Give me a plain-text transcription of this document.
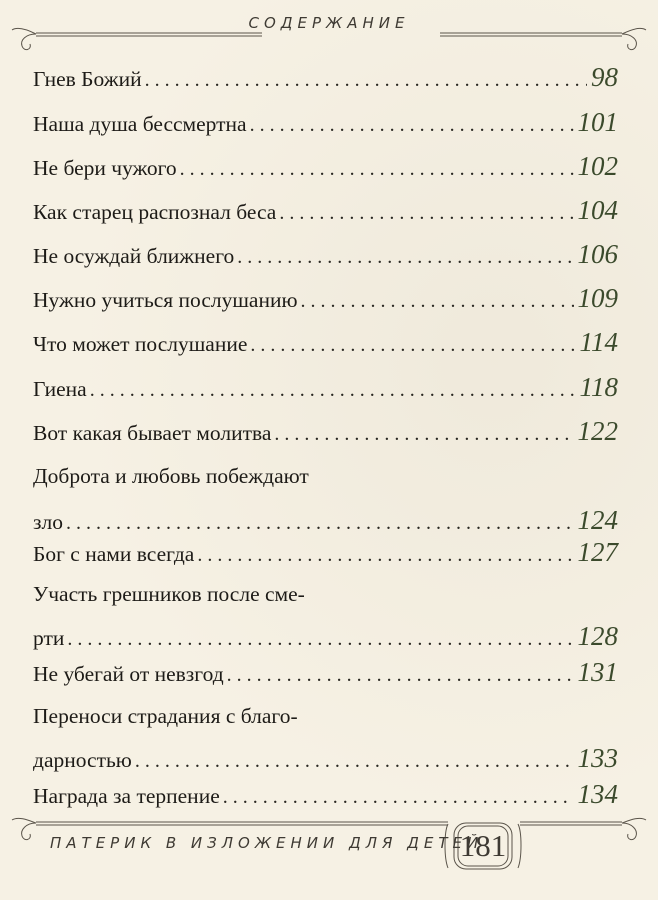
СОДЕРЖАНИЕ
Гнев Божий . . .	98
Наша душа бессмертна . . .	101
Не бери чужого . . .	102
Как старец распознал беса . . .	104
Не осуждай ближнего . . .	106
Нужно учиться послушанию . . .	109
Что может послушание . . .	114
Гиена . . .	118
Вот какая бывает молитва . . .	122
Доброта и любовь побеждают
зло . . .	124
Бог с нами всегда . . .	127
Участь грешников после сме-
рти . . .	128
Не убегай от невзгод . . .	131
Переноси страдания с благо-
дарностью . . .	133
Награда за терпение . . .	134
ПАТЕРИК В ИЗЛОЖЕНИИ ДЛЯ ДЕТЕЙ
181
